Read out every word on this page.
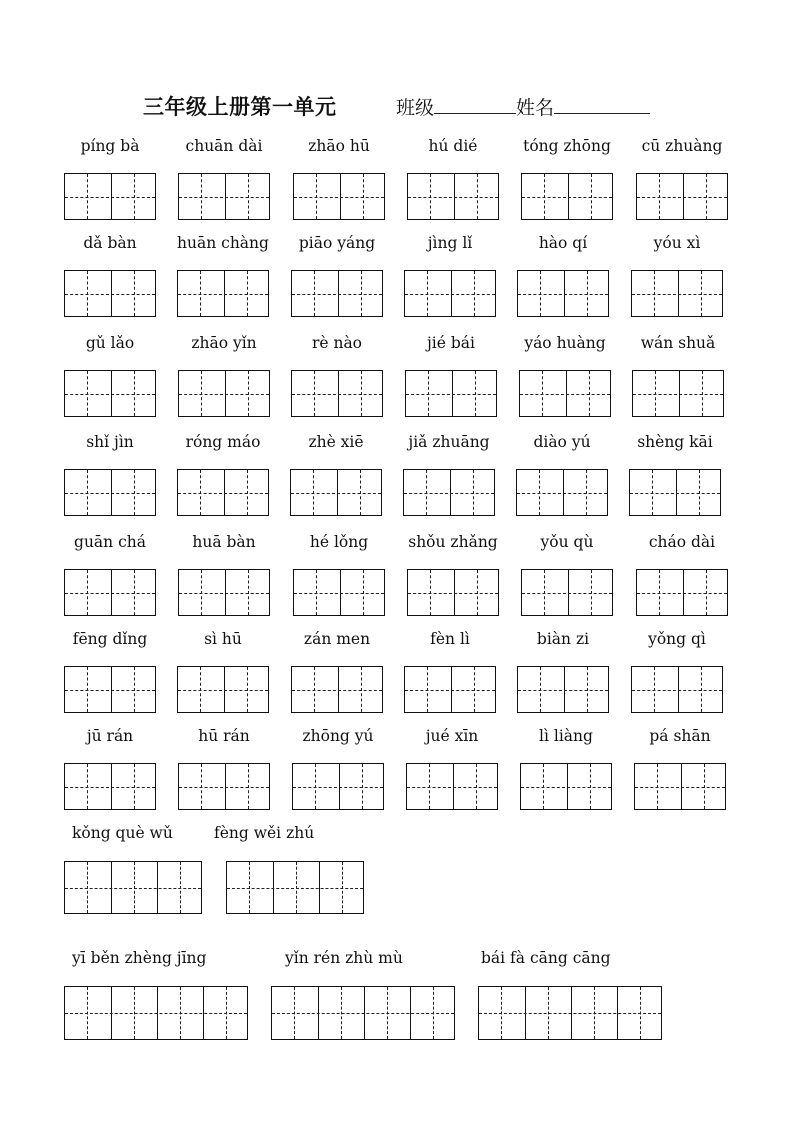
三年级上册第一单元	班级	姓名
píng bà	chuān dài	zhāo hū	hú dié	tóng zhōng	cū zhuàng
dǎ bàn	huān chàng	piāo yáng	jìng lǐ	hào qí	yóu xì
gǔ lǎo	zhāo yǐn	rè nào	jié bái	yáo huàng	wán shuǎ
shǐ jìn	róng máo	zhè xiē	jiǎ zhuāng	diào yú	shèng kāi
guān chá	huā bàn	hé lǒng	shǒu zhǎng	yǒu qù	cháo dài
fēng dǐng	sì hū	zán men	fèn lì	biàn zi	yǒng qì
jū rán	hū rán	zhōng yú	jué xīn	lì liàng	pá shān
kǒng què wǔ	fèng wěi zhú
yī běn zhèng jīng	yǐn rén zhù mù	bái fà cāng cāng
